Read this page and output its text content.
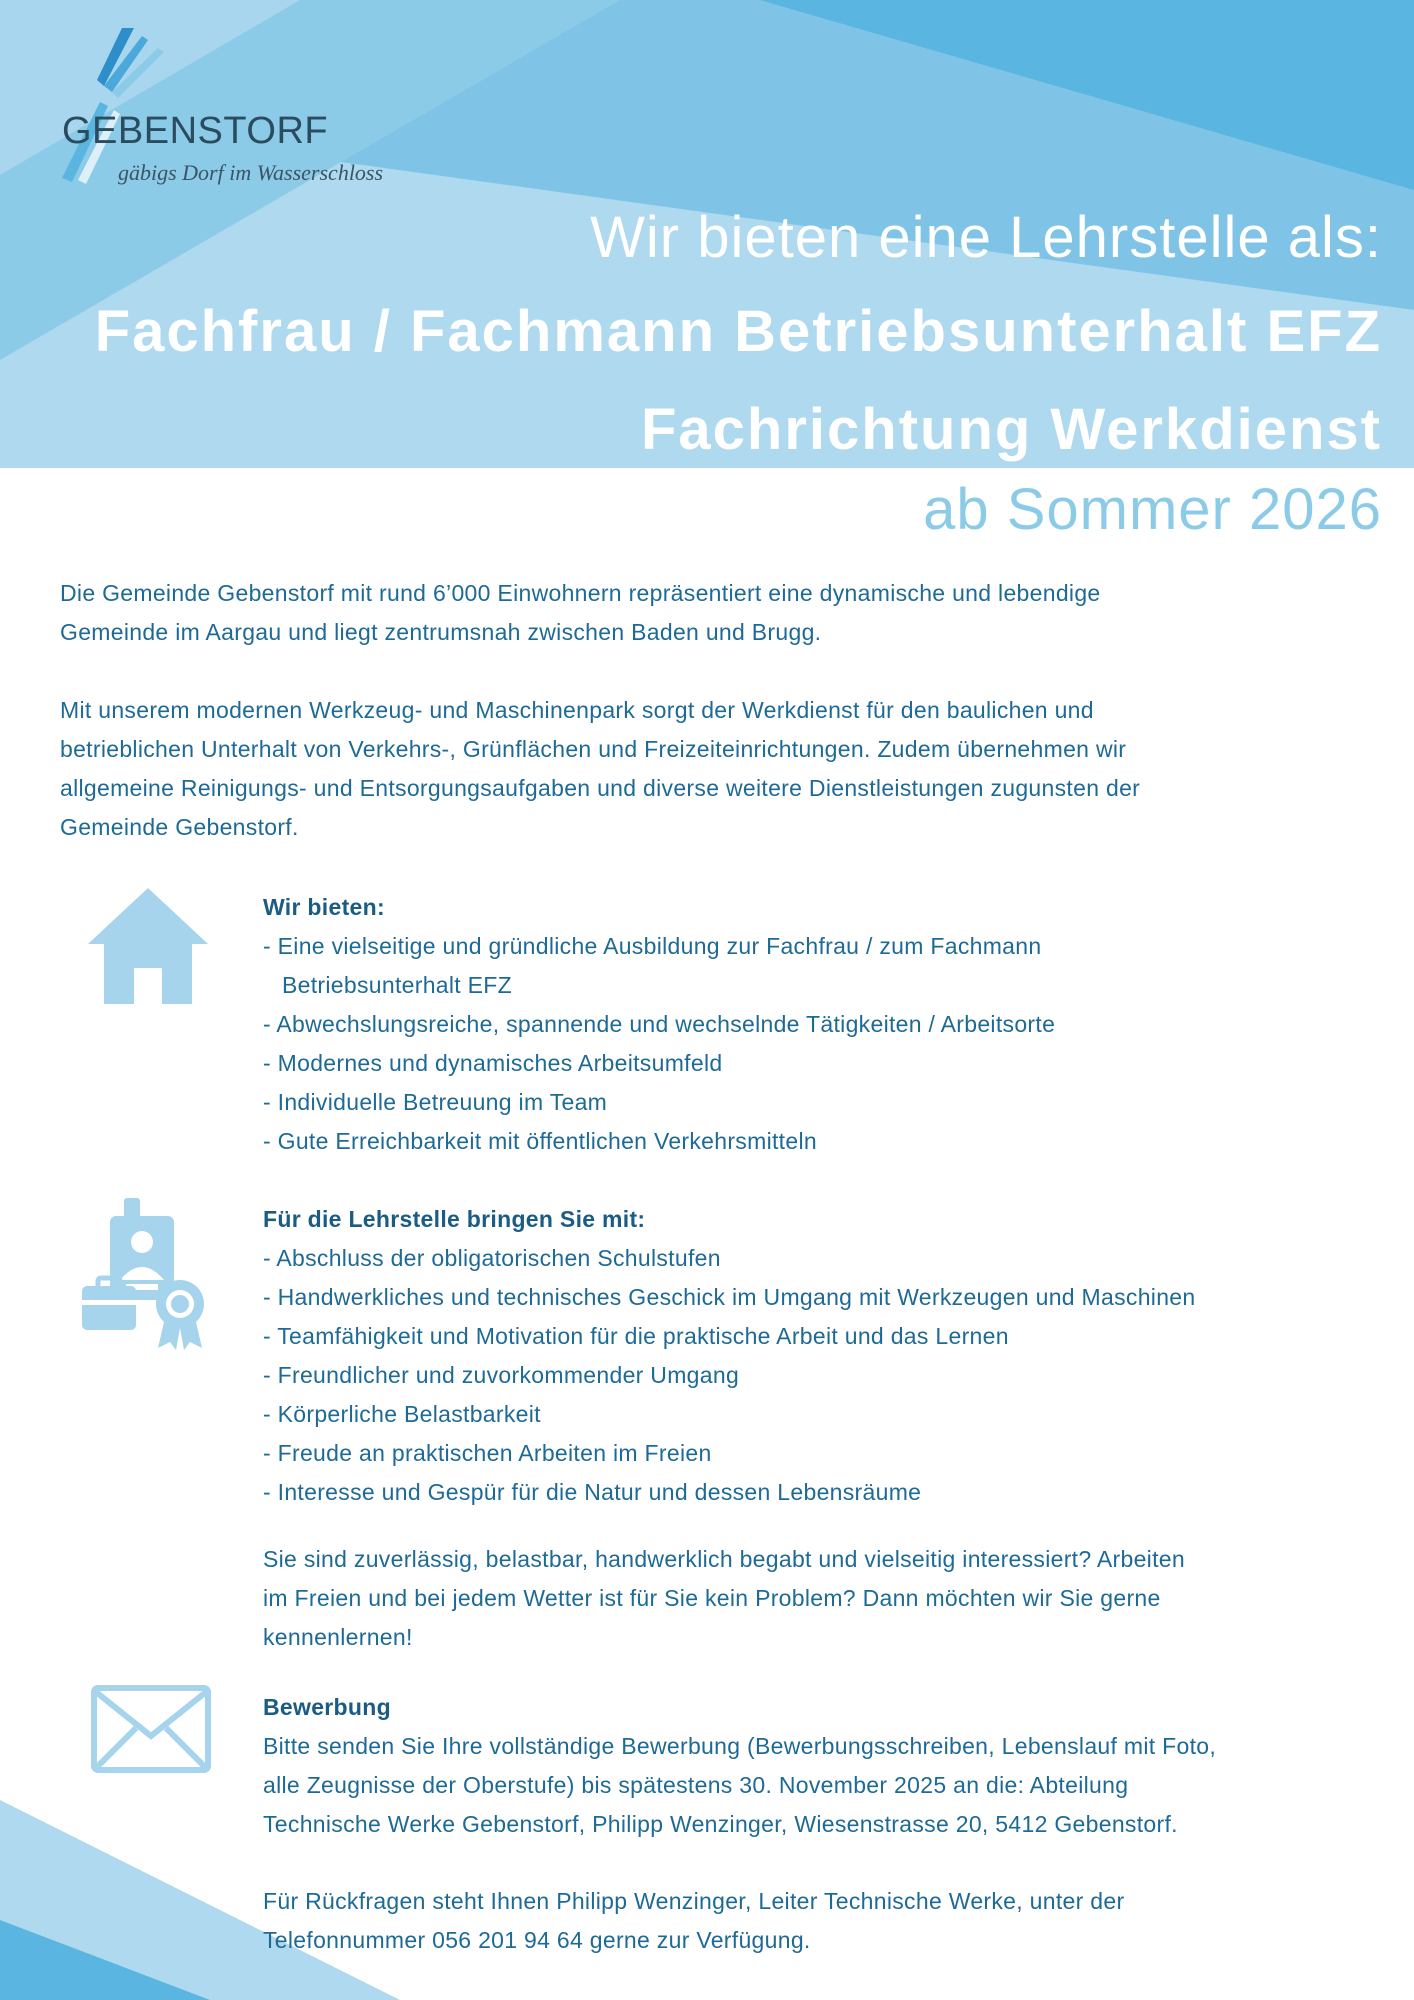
GEBENSTORF
gäbigs Dorf im Wasserschloss
Wir bieten eine Lehrstelle als:
Fachfrau / Fachmann Betriebsunterhalt EFZ
Fachrichtung Werkdienst
ab Sommer 2026
Die Gemeinde Gebenstorf mit rund 6’000 Einwohnern repräsentiert eine dynamische und lebendige
Gemeinde im Aargau und liegt zentrumsnah zwischen Baden und Brugg.
Mit unserem modernen Werkzeug- und Maschinenpark sorgt der Werkdienst für den baulichen und
betrieblichen Unterhalt von Verkehrs-, Grünflächen und Freizeiteinrichtungen. Zudem übernehmen wir
allgemeine Reinigungs- und Entsorgungsaufgaben und diverse weitere Dienstleistungen zugunsten der
Gemeinde Gebenstorf.
Wir bieten:
- Eine vielseitige und gründliche Ausbildung zur Fachfrau / zum Fachmann
Betriebsunterhalt EFZ
- Abwechslungsreiche, spannende und wechselnde Tätigkeiten / Arbeitsorte
- Modernes und dynamisches Arbeitsumfeld
- Individuelle Betreuung im Team
- Gute Erreichbarkeit mit öffentlichen Verkehrsmitteln
Für die Lehrstelle bringen Sie mit:
- Abschluss der obligatorischen Schulstufen
- Handwerkliches und technisches Geschick im Umgang mit Werkzeugen und Maschinen
- Teamfähigkeit und Motivation für die praktische Arbeit und das Lernen
- Freundlicher und zuvorkommender Umgang
- Körperliche Belastbarkeit
- Freude an praktischen Arbeiten im Freien
- Interesse und Gespür für die Natur und dessen Lebensräume
Sie sind zuverlässig, belastbar, handwerklich begabt und vielseitig interessiert? Arbeiten
im Freien und bei jedem Wetter ist für Sie kein Problem? Dann möchten wir Sie gerne
kennenlernen!
Bewerbung
Bitte senden Sie Ihre vollständige Bewerbung (Bewerbungsschreiben, Lebenslauf mit Foto,
alle Zeugnisse der Oberstufe) bis spätestens 30. November 2025 an die: Abteilung
Technische Werke Gebenstorf, Philipp Wenzinger, Wiesenstrasse 20, 5412 Gebenstorf.
Für Rückfragen steht Ihnen Philipp Wenzinger, Leiter Technische Werke, unter der
Telefonnummer 056 201 94 64 gerne zur Verfügung.
